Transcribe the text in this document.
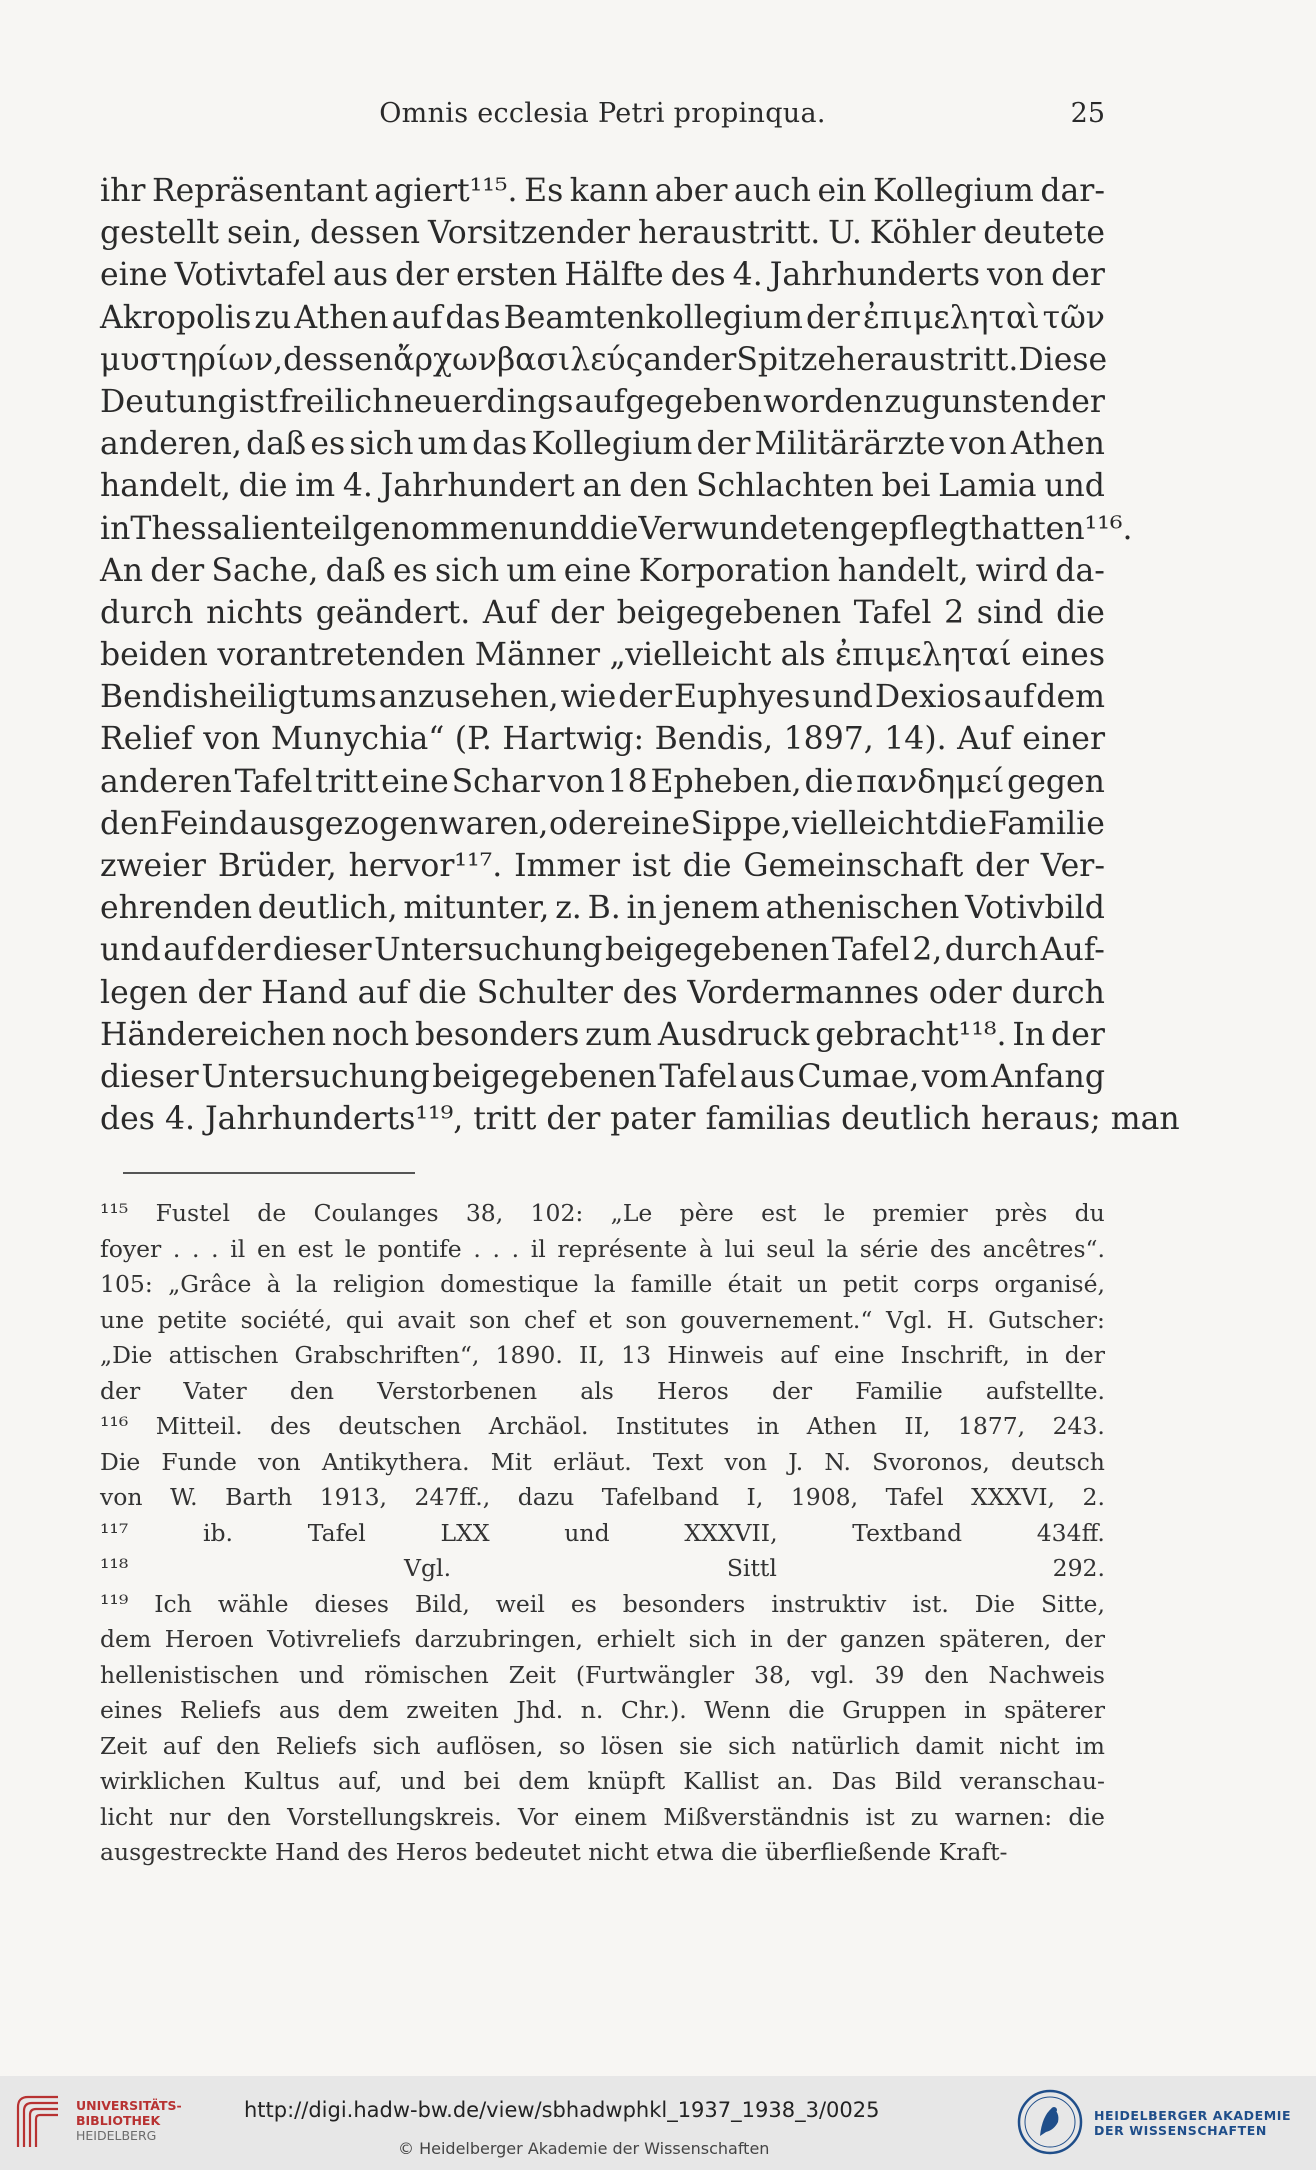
Omnis ecclesia Petri propinqua.	25
ihr Repräsentant agiert¹¹⁵. Es kann aber auch ein Kollegium dar-
gestellt sein, dessen Vorsitzender heraustritt. U. Köhler deutete
eine Votivtafel aus der ersten Hälfte des 4. Jahrhunderts von der
Akropolis zu Athen auf das Beamtenkollegium der ἐπιμεληταὶ τῶν
μυστηρίων, dessen ἄρχων βασιλεύς an der Spitze heraustritt. Diese
Deutung ist freilich neuerdings aufgegeben worden zugunsten der
anderen, daß es sich um das Kollegium der Militärärzte von Athen
handelt, die im 4. Jahrhundert an den Schlachten bei Lamia und
in Thessalien teilgenommen und die Verwundeten gepflegt hatten¹¹⁶.
An der Sache, daß es sich um eine Korporation handelt, wird da-
durch nichts geändert. Auf der beigegebenen Tafel 2 sind die
beiden vorantretenden Männer „vielleicht als ἐπιμεληταί eines
Bendisheiligtums anzusehen, wie der Euphyes und Dexios auf dem
Relief von Munychia“ (P. Hartwig: Bendis, 1897, 14). Auf einer
anderen Tafel tritt eine Schar von 18 Epheben, die πανδημεί gegen
den Feind ausgezogen waren, oder eine Sippe, vielleicht die Familie
zweier Brüder, hervor¹¹⁷. Immer ist die Gemeinschaft der Ver-
ehrenden deutlich, mitunter, z. B. in jenem athenischen Votivbild
und auf der dieser Untersuchung beigegebenen Tafel 2, durch Auf-
legen der Hand auf die Schulter des Vordermannes oder durch
Händereichen noch besonders zum Ausdruck gebracht¹¹⁸. In der
dieser Untersuchung beigegebenen Tafel aus Cumae, vom Anfang
des 4. Jahrhunderts¹¹⁹, tritt der pater familias deutlich heraus; man
¹¹⁵ Fustel de Coulanges 38, 102: „Le père est le premier près du
foyer . . . il en est le pontife . . . il représente à lui seul la série des ancêtres“.
105: „Grâce à la religion domestique la famille était un petit corps organisé,
une petite société, qui avait son chef et son gouvernement.“ Vgl. H. Gutscher:
„Die attischen Grabschriften“, 1890. II, 13 Hinweis auf eine Inschrift, in der
der Vater den Verstorbenen als Heros der Familie aufstellte.
¹¹⁶ Mitteil. des deutschen Archäol. Institutes in Athen II, 1877, 243.
Die Funde von Antikythera. Mit erläut. Text von J. N. Svoronos, deutsch
von W. Barth 1913, 247ff., dazu Tafelband I, 1908, Tafel XXXVI, 2.
¹¹⁷	ib.	Tafel	LXX	und	XXXVII,	Textband	434ff.
¹¹⁸	Vgl.	Sittl	292.
¹¹⁹ Ich wähle dieses Bild, weil es besonders instruktiv ist. Die Sitte,
dem Heroen Votivreliefs darzubringen, erhielt sich in der ganzen späteren, der
hellenistischen und römischen Zeit (Furtwängler 38, vgl. 39 den Nachweis
eines Reliefs aus dem zweiten Jhd. n. Chr.). Wenn die Gruppen in späterer
Zeit auf den Reliefs sich auflösen, so lösen sie sich natürlich damit nicht im
wirklichen Kultus auf, und bei dem knüpft Kallist an. Das Bild veranschau-
licht nur den Vorstellungskreis. Vor einem Mißverständnis ist zu warnen: die
ausgestreckte Hand des Heros bedeutet nicht etwa die überfließende Kraft-
UNIVERSITÄTS-
BIBLIOTHEK
HEIDELBERG
http://digi.hadw-bw.de/view/sbhadwphkl_1937_1938_3/0025
© Heidelberger Akademie der Wissenschaften
HEIDELBERGER AKADEMIE
DER WISSENSCHAFTEN
